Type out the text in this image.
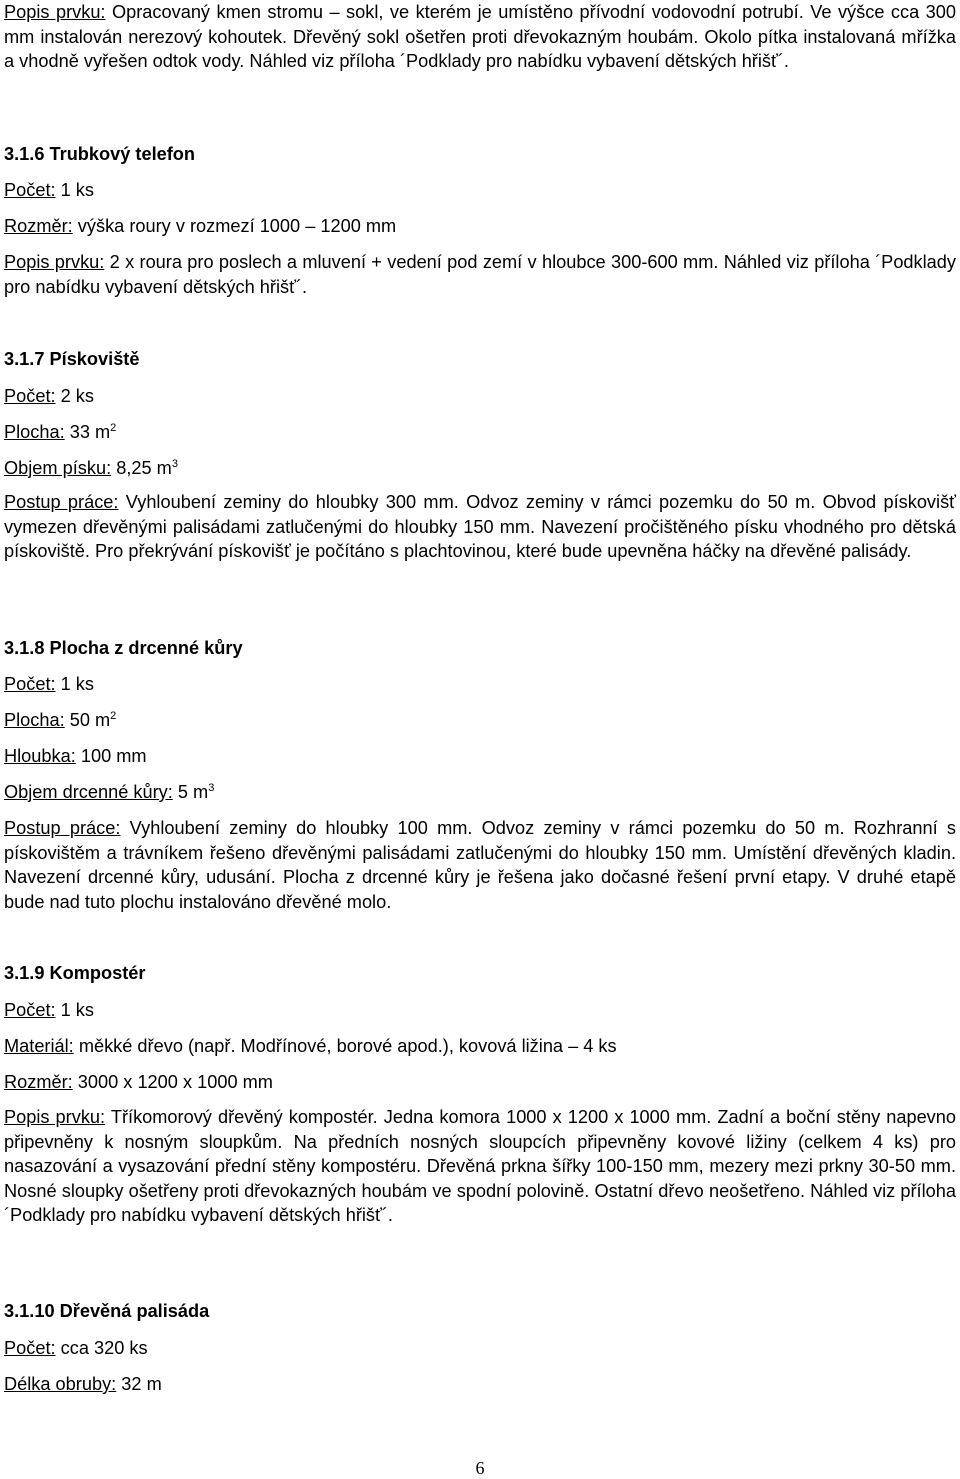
Popis prvku: Opracovaný kmen stromu – sokl, ve kterém je umístěno přívodní vodovodní potrubí. Ve výšce cca 300 mm instalován nerezový kohoutek. Dřevěný sokl ošetřen proti dřevokazným houbám. Okolo pítka instalovaná mřížka a vhodně vyřešen odtok vody. Náhled viz příloha ´Podklady pro nabídku vybavení dětských hřišť´.

3.1.6 Trubkový telefon

Počet: 1 ks

Rozměr: výška roury v rozmezí 1000 – 1200 mm

Popis prvku: 2 x roura pro poslech a mluvení + vedení pod zemí v hloubce 300-600 mm. Náhled viz příloha ´Podklady pro nabídku vybavení dětských hřišť´.

3.1.7 Pískoviště

Počet: 2 ks

Plocha: 33 $m^2$

Objem písku: 8,25 $m^3$

Postup práce: Vyhloubení zeminy do hloubky 300 mm. Odvoz zeminy v rámci pozemku do 50 m. Obvod pískovišť vymezen dřevěnými palisádami zatlučenými do hloubky 150 mm. Navezení pročištěného písku vhodného pro dětská pískoviště. Pro překrývání pískovišť je počítáno s plachtovinou, které bude upevněna háčky na dřevěné palisády.

3.1.8 Plocha z drcenné kůry

Počet: 1 ks

Plocha: 50 $m^2$

Hloubka: 100 mm

Objem drcenné kůry: 5 $m^3$

Postup práce: Vyhloubení zeminy do hloubky 100 mm. Odvoz zeminy v rámci pozemku do 50 m. Rozhranní s pískovištěm a trávníkem řešeno dřevěnými palisádami zatlučenými do hloubky 150 mm. Umístění dřevěných kladin. Navezení drcenné kůry, udusání. Plocha z drcenné kůry je řešena jako dočasné řešení první etapy. V druhé etapě bude nad tuto plochu instalováno dřevěné molo.

3.1.9 Kompostér

Počet: 1 ks

Materiál: měkké dřevo (např. Modřínové, borové apod.), kovová ližina – 4 ks

Rozměr: 3000 x 1200 x 1000 mm

Popis prvku: Tříkomorový dřevěný kompostér. Jedna komora 1000 x 1200 x 1000 mm. Zadní a boční stěny napevno připevněny k nosným sloupkům. Na předních nosných sloupcích připevněny kovové ližiny (celkem 4 ks) pro nasazování a vysazování přední stěny kompostéru. Dřevěná prkna šířky 100-150 mm, mezery mezi prkny 30-50 mm. Nosné sloupky ošetřeny proti dřevokazných houbám ve spodní polovině. Ostatní dřevo neošetřeno. Náhled viz příloha ´Podklady pro nabídku vybavení dětských hřišť´.

3.1.10 Dřevěná palisáda

Počet: cca 320 ks

Délka obruby: 32 m

6
